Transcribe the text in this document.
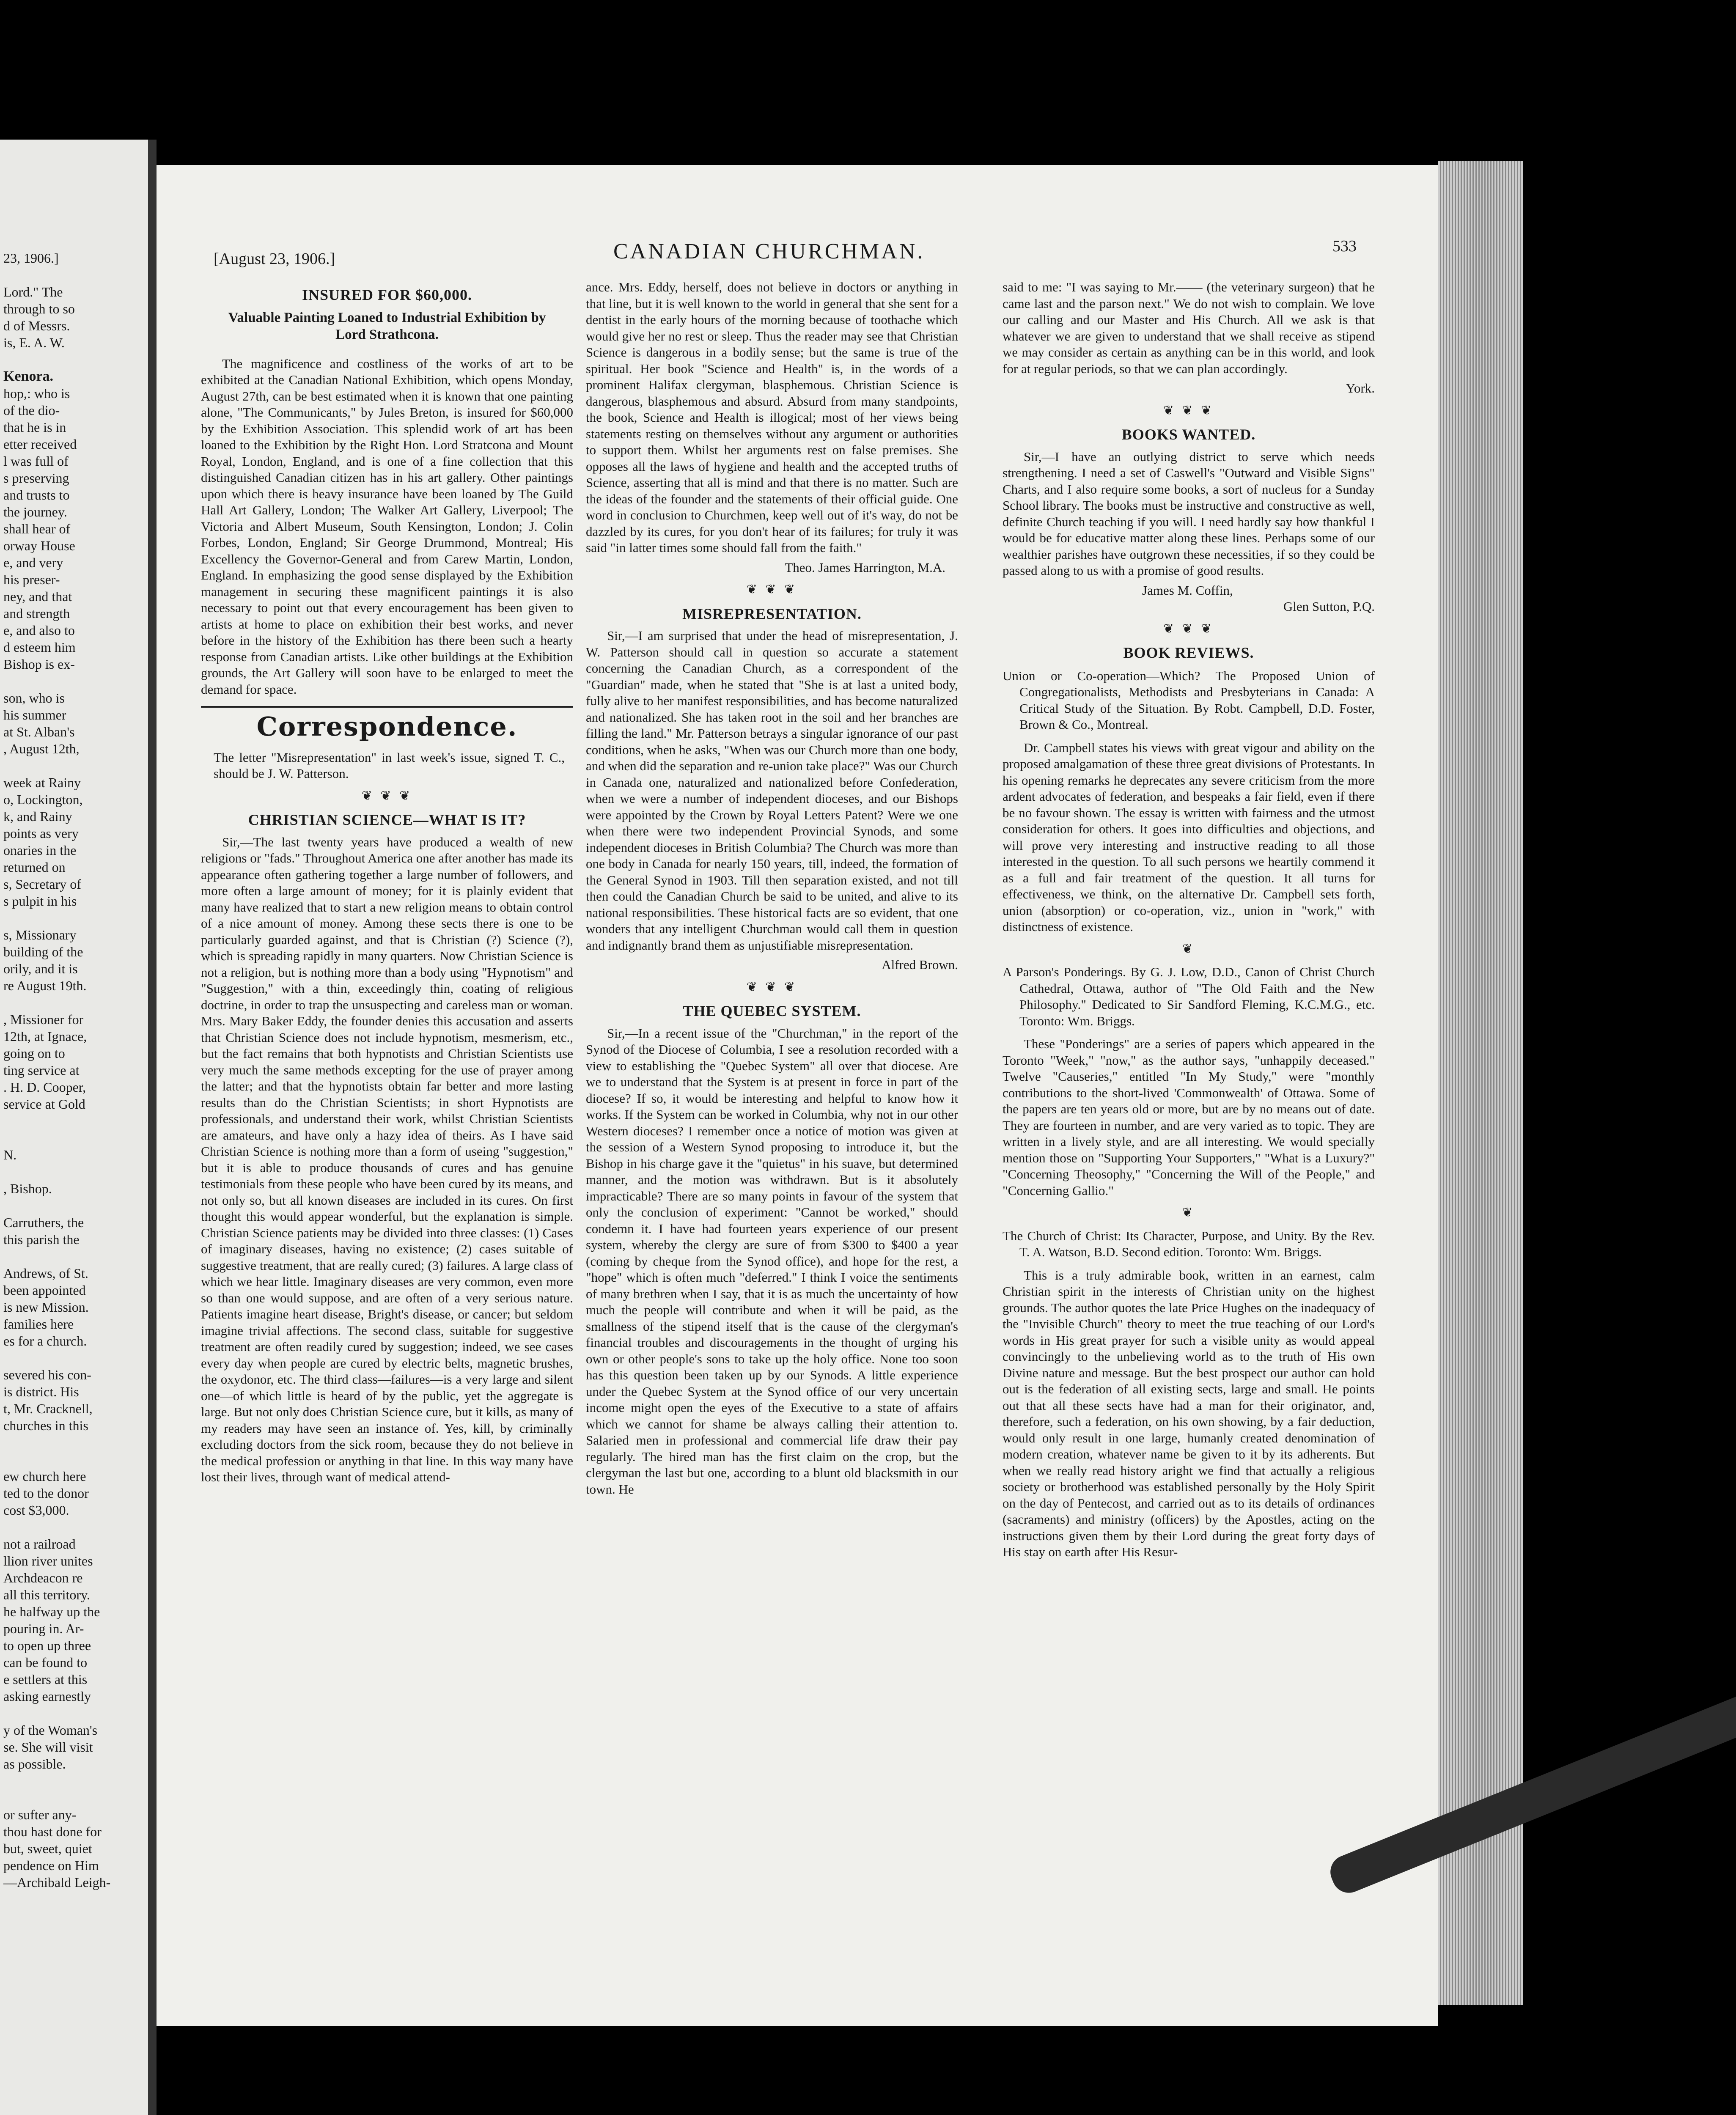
23, 1906.]

Lord." The

through to so

d of Messrs.

is, E. A. W.

Kenora.

hop,: who is

of the dio-

that he is in

etter received

l was full of

s preserving

and trusts to

the journey.

shall hear of

orway House

e, and very

his preser-

ney, and that

and strength

e, and also to

d esteem him

Bishop is ex-

son, who is

his summer

at St. Alban's

, August 12th,

week at Rainy

o, Lockington,

k, and Rainy

points as very

onaries in the

returned on

s, Secretary of

s pulpit in his

s, Missionary

building of the

orily, and it is

re August 19th.

, Missioner for

12th, at Ignace,

going on to

ting service at

. H. D. Cooper,

service at Gold

N.

, Bishop.

Carruthers, the

this parish the

Andrews, of St.

been appointed

is new Mission.

families here

es for a church.

severed his con-

is district. His

t, Mr. Cracknell,

churches in this

ew church here

ted to the donor

cost $3,000.

not a railroad

llion river unites

Archdeacon re

all this territory.

he halfway up the

pouring in. Ar-

to open up three

can be found to

e settlers at this

asking earnestly

y of the Woman's

se. She will visit

as possible.

or sufter any-

thou hast done for

but, sweet, quiet

pendence on Him

—Archibald Leigh-

[August 23, 1906.]	CANADIAN CHURCHMAN.	533
INSURED FOR $60,000.
Valuable Painting Loaned to Industrial Exhibition by Lord Strathcona.

The magnificence and costliness of the works of art to be exhibited at the Canadian National Exhibition, which opens Monday, August 27th, can be best estimated when it is known that one painting alone, "The Communicants," by Jules Breton, is insured for $60,000 by the Exhibition Association. This splendid work of art has been loaned to the Exhibition by the Right Hon. Lord Stratcona and Mount Royal, London, England, and is one of a fine collection that this distinguished Canadian citizen has in his art gallery. Other paintings upon which there is heavy insurance have been loaned by The Guild Hall Art Gallery, London; The Walker Art Gallery, Liverpool; The Victoria and Albert Museum, South Kensington, London; J. Colin Forbes, London, England; Sir George Drummond, Montreal; His Excellency the Governor-General and from Carew Martin, London, England. In emphasizing the good sense displayed by the Exhibition management in securing these magnificent paintings it is also necessary to point out that every encouragement has been given to artists at home to place on exhibition their best works, and never before in the history of the Exhibition has there been such a hearty response from Canadian artists. Like other buildings at the Exhibition grounds, the Art Gallery will soon have to be enlarged to meet the demand for space.

Correspondence.

The letter "Misrepresentation" in last week's issue, signed T. C., should be J. W. Patterson.

❦ ❦ ❦
CHRISTIAN SCIENCE—WHAT IS IT?

Sir,—The last twenty years have produced a wealth of new religions or "fads." Throughout America one after another has made its appearance often gathering together a large number of followers, and more often a large amount of money; for it is plainly evident that many have realized that to start a new religion means to obtain control of a nice amount of money. Among these sects there is one to be particularly guarded against, and that is Christian (?) Science (?), which is spreading rapidly in many quarters. Now Christian Science is not a religion, but is nothing more than a body using "Hypnotism" and "Suggestion," with a thin, exceedingly thin, coating of religious doctrine, in order to trap the unsuspecting and careless man or woman. Mrs. Mary Baker Eddy, the founder denies this accusation and asserts that Christian Science does not include hypnotism, mesmerism, etc., but the fact remains that both hypnotists and Christian Scientists use very much the same methods excepting for the use of prayer among the latter; and that the hypnotists obtain far better and more lasting results than do the Christian Scientists; in short Hypnotists are professionals, and understand their work, whilst Christian Scientists are amateurs, and have only a hazy idea of theirs. As I have said Christian Science is nothing more than a form of useing "suggestion," but it is able to produce thousands of cures and has genuine testimonials from these people who have been cured by its means, and not only so, but all known diseases are included in its cures. On first thought this would appear wonderful, but the explanation is simple. Christian Science patients may be divided into three classes: (1) Cases of imaginary diseases, having no existence; (2) cases suitable of suggestive treatment, that are really cured; (3) failures. A large class of which we hear little. Imaginary diseases are very common, even more so than one would suppose, and are often of a very serious nature. Patients imagine heart disease, Bright's disease, or cancer; but seldom imagine trivial affections. The second class, suitable for suggestive treatment are often readily cured by suggestion; indeed, we see cases every day when people are cured by electric belts, magnetic brushes, the oxydonor, etc. The third class—failures—is a very large and silent one—of which little is heard of by the public, yet the aggregate is large. But not only does Christian Science cure, but it kills, as many of my readers may have seen an instance of. Yes, kill, by criminally excluding doctors from the sick room, because they do not believe in the medical profession or anything in that line. In this way many have lost their lives, through want of medical attend-

ance. Mrs. Eddy, herself, does not believe in doctors or anything in that line, but it is well known to the world in general that she sent for a dentist in the early hours of the morning because of toothache which would give her no rest or sleep. Thus the reader may see that Christian Science is dangerous in a bodily sense; but the same is true of the spiritual. Her book "Science and Health" is, in the words of a prominent Halifax clergyman, blasphemous. Christian Science is dangerous, blasphemous and absurd. Absurd from many standpoints, the book, Science and Health is illogical; most of her views being statements resting on themselves without any argument or authorities to support them. Whilst her arguments rest on false premises. She opposes all the laws of hygiene and health and the accepted truths of Science, asserting that all is mind and that there is no matter. Such are the ideas of the founder and the statements of their official guide. One word in conclusion to Churchmen, keep well out of it's way, do not be dazzled by its cures, for you don't hear of its failures; for truly it was said "in latter times some should fall from the faith."

Theo. James Harrington, M.A.

❦ ❦ ❦
MISREPRESENTATION.

Sir,—I am surprised that under the head of misrepresentation, J. W. Patterson should call in question so accurate a statement concerning the Canadian Church, as a correspondent of the "Guardian" made, when he stated that "She is at last a united body, fully alive to her manifest responsibilities, and has become naturalized and nationalized. She has taken root in the soil and her branches are filling the land." Mr. Patterson betrays a singular ignorance of our past conditions, when he asks, "When was our Church more than one body, and when did the separation and re-union take place?" Was our Church in Canada one, naturalized and nationalized before Confederation, when we were a number of independent dioceses, and our Bishops were appointed by the Crown by Royal Letters Patent? Were we one when there were two independent Provincial Synods, and some independent dioceses in British Columbia? The Church was more than one body in Canada for nearly 150 years, till, indeed, the formation of the General Synod in 1903. Till then separation existed, and not till then could the Canadian Church be said to be united, and alive to its national responsibilities. These historical facts are so evident, that one wonders that any intelligent Churchman would call them in question and indignantly brand them as unjustifiable misrepresentation.

Alfred Brown.

❦ ❦ ❦
THE QUEBEC SYSTEM.

Sir,—In a recent issue of the "Churchman," in the report of the Synod of the Diocese of Columbia, I see a resolution recorded with a view to establishing the "Quebec System" all over that diocese. Are we to understand that the System is at present in force in part of the diocese? If so, it would be interesting and helpful to know how it works. If the System can be worked in Columbia, why not in our other Western dioceses? I remember once a notice of motion was given at the session of a Western Synod proposing to introduce it, but the Bishop in his charge gave it the "quietus" in his suave, but determined manner, and the motion was withdrawn. But is it absolutely impracticable? There are so many points in favour of the system that only the conclusion of experiment: "Cannot be worked," should condemn it. I have had fourteen years experience of our present system, whereby the clergy are sure of from $300 to $400 a year (coming by cheque from the Synod office), and hope for the rest, a "hope" which is often much "deferred." I think I voice the sentiments of many brethren when I say, that it is as much the uncertainty of how much the people will contribute and when it will be paid, as the smallness of the stipend itself that is the cause of the clergyman's financial troubles and discouragements in the thought of urging his own or other people's sons to take up the holy office. None too soon has this question been taken up by our Synods. A little experience under the Quebec System at the Synod office of our very uncertain income might open the eyes of the Executive to a state of affairs which we cannot for shame be always calling their attention to. Salaried men in professional and commercial life draw their pay regularly. The hired man has the first claim on the crop, but the clergyman the last but one, according to a blunt old blacksmith in our town. He

said to me: "I was saying to Mr.—— (the veterinary surgeon) that he came last and the parson next." We do not wish to complain. We love our calling and our Master and His Church. All we ask is that whatever we are given to understand that we shall receive as stipend we may consider as certain as anything can be in this world, and look for at regular periods, so that we can plan accordingly.

York.

❦ ❦ ❦
BOOKS WANTED.

Sir,—I have an outlying district to serve which needs strengthening. I need a set of Caswell's "Outward and Visible Signs" Charts, and I also require some books, a sort of nucleus for a Sunday School library. The books must be instructive and constructive as well, definite Church teaching if you will. I need hardly say how thankful I would be for educative matter along these lines. Perhaps some of our wealthier parishes have outgrown these necessities, if so they could be passed along to us with a promise of good results.

James M. Coffin,

Glen Sutton, P.Q.

❦ ❦ ❦
BOOK REVIEWS.

Union or Co-operation—Which? The Proposed Union of Congregationalists, Methodists and Presbyterians in Canada: A Critical Study of the Situation. By Robt. Campbell, D.D. Foster, Brown & Co., Montreal.

Dr. Campbell states his views with great vigour and ability on the proposed amalgamation of these three great divisions of Protestants. In his opening remarks he deprecates any severe criticism from the more ardent advocates of federation, and bespeaks a fair field, even if there be no favour shown. The essay is written with fairness and the utmost consideration for others. It goes into difficulties and objections, and will prove very interesting and instructive reading to all those interested in the question. To all such persons we heartily commend it as a full and fair treatment of the question. It all turns for effectiveness, we think, on the alternative Dr. Campbell sets forth, union (absorption) or co-operation, viz., union in "work," with distinctness of existence.

❦

A Parson's Ponderings. By G. J. Low, D.D., Canon of Christ Church Cathedral, Ottawa, author of "The Old Faith and the New Philosophy." Dedicated to Sir Sandford Fleming, K.C.M.G., etc. Toronto: Wm. Briggs.

These "Ponderings" are a series of papers which appeared in the Toronto "Week," "now," as the author says, "unhappily deceased." Twelve "Causeries," entitled "In My Study," were "monthly contributions to the short-lived 'Commonwealth' of Ottawa. Some of the papers are ten years old or more, but are by no means out of date. They are fourteen in number, and are very varied as to topic. They are written in a lively style, and are all interesting. We would specially mention those on "Supporting Your Supporters," "What is a Luxury?" "Concerning Theosophy," "Concerning the Will of the People," and "Concerning Gallio."

❦

The Church of Christ: Its Character, Purpose, and Unity. By the Rev. T. A. Watson, B.D. Second edition. Toronto: Wm. Briggs.

This is a truly admirable book, written in an earnest, calm Christian spirit in the interests of Christian unity on the highest grounds. The author quotes the late Price Hughes on the inadequacy of the "Invisible Church" theory to meet the true teaching of our Lord's words in His great prayer for such a visible unity as would appeal convincingly to the unbelieving world as to the truth of His own Divine nature and message. But the best prospect our author can hold out is the federation of all existing sects, large and small. He points out that all these sects have had a man for their originator, and, therefore, such a federation, on his own showing, by a fair deduction, would only result in one large, humanly created denomination of modern creation, whatever name be given to it by its adherents. But when we really read history aright we find that actually a religious society or brotherhood was established personally by the Holy Spirit on the day of Pentecost, and carried out as to its details of ordinances (sacraments) and ministry (officers) by the Apostles, acting on the instructions given them by their Lord during the great forty days of His stay on earth after His Resur-
